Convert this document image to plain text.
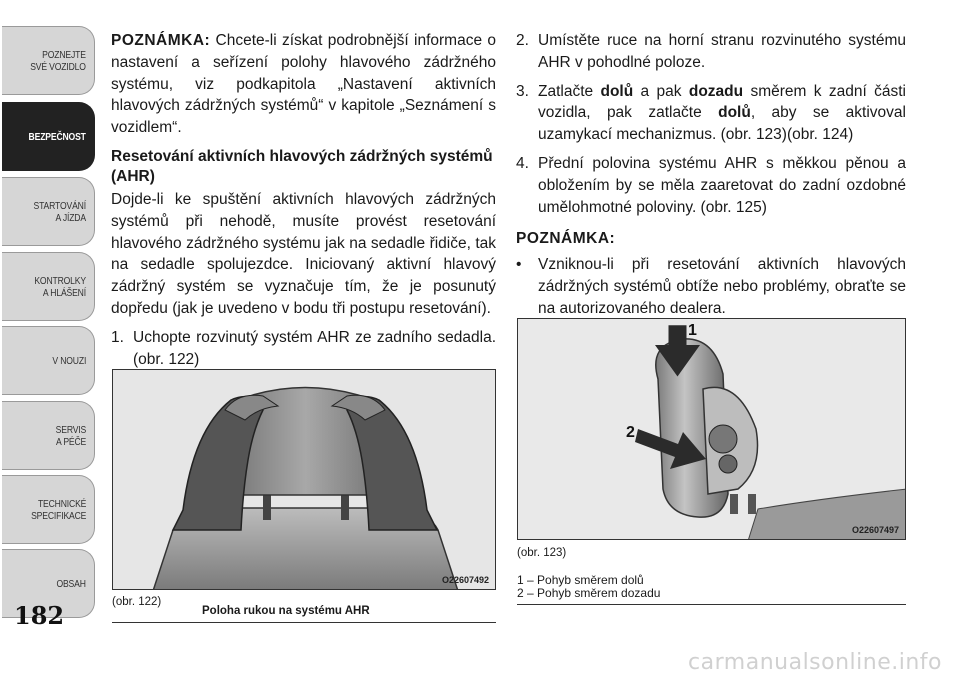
POZNEJTE
SVÉ VOZIDLO
BEZPEČNOST
STARTOVÁNÍ
A JÍZDA
KONTROLKY
A HLÁŠENÍ
V NOUZI
SERVIS
A PÉČE
TECHNICKÉ
SPECIFIKACE
OBSAH
182

POZNÁMKA: Chcete-li získat podrobnější informace o nastavení a seřízení polohy hlavového zádržného systému, viz podkapitola „Nastavení aktivních hlavových zádržných systémů“ v kapitole „Seznámení s vozidlem“.

Resetování aktivních hlavových zádržných systémů (AHR)

Dojde-li ke spuštění aktivních hlavových zádržných systémů při nehodě, musíte provést resetování hlavového zádržného systému jak na sedadle řidiče, tak na sedadle spolujezdce. Iniciovaný aktivní hlavový zádržný systém se vyznačuje tím, že je posunutý dopředu (jak je uvedeno v bodu tři postupu resetování).

1. Uchopte rozvinutý systém AHR ze zadního sedadla. (obr. 122)
2. Umístěte ruce na horní stranu rozvinutého systému AHR v pohodlné poloze.
3. Zatlačte dolů a pak dozadu směrem k zadní části vozidla, pak zatlačte dolů, aby se aktivoval uzamykací mechanizmus. (obr. 123)(obr. 124)
4. Přední polovina systému AHR s měkkou pěnou a obložením by se měla zaaretovat do zadní ozdobné umělohmotné poloviny. (obr. 125)
POZNÁMKA:
•	Vzniknou-li při resetování aktivních hlavových zádržných systémů obtíže nebo problémy, obraťte se na autorizovaného dealera.
O22607492
(obr. 122)
Poloha rukou na systému AHR
1
2
O22607497
(obr. 123)
1 – Pohyb směrem dolů
2 – Pohyb směrem dozadu
carmanualsonline.info
